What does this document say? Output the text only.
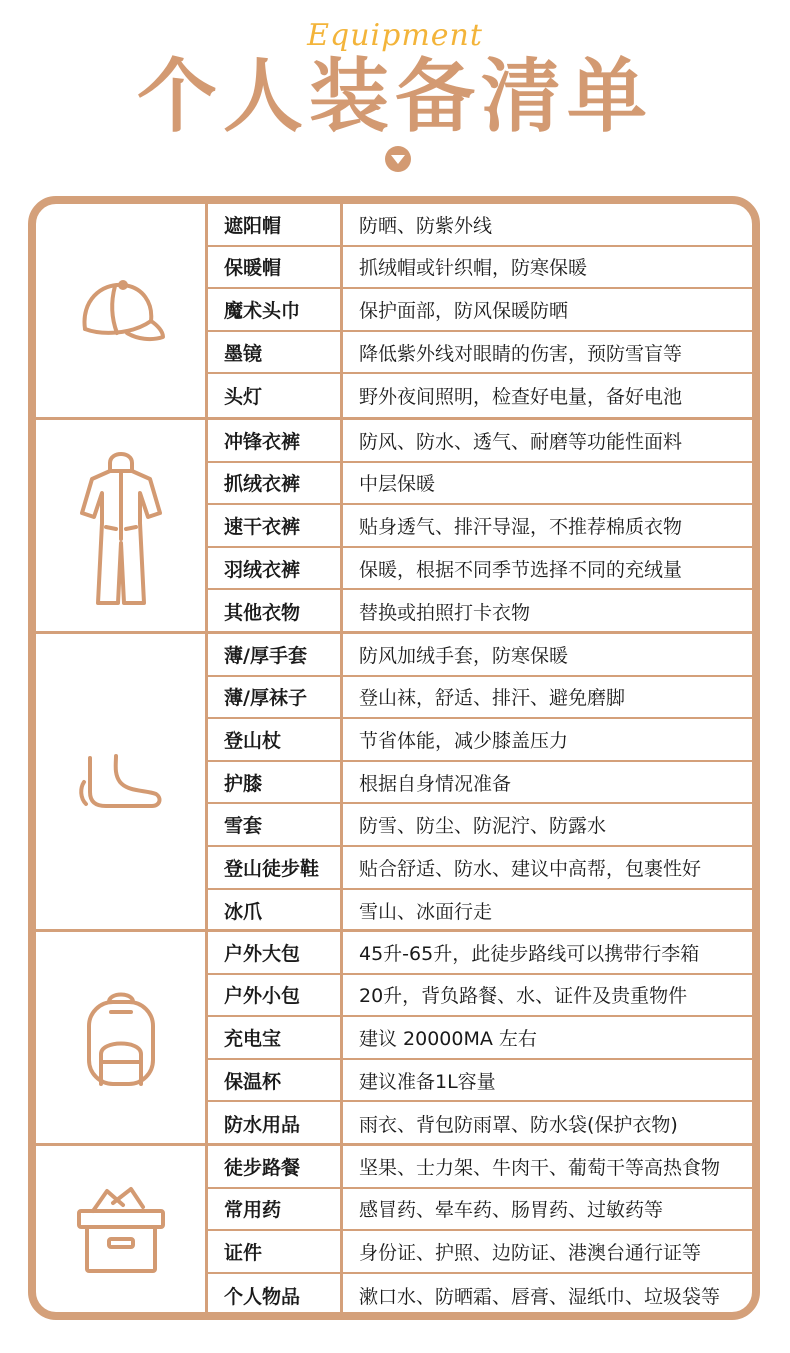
Equipment
个人装备清单
遮阳帽	防晒、防紫外线
保暖帽	抓绒帽或针织帽，防寒保暖
魔术头巾	保护面部，防风保暖防晒
墨镜	降低紫外线对眼睛的伤害，预防雪盲等
头灯	野外夜间照明，检查好电量，备好电池
冲锋衣裤	防风、防水、透气、耐磨等功能性面料
抓绒衣裤	中层保暖
速干衣裤	贴身透气、排汗导湿，不推荐棉质衣物
羽绒衣裤	保暖，根据不同季节选择不同的充绒量
其他衣物	替换或拍照打卡衣物
薄/厚手套	防风加绒手套，防寒保暖
薄/厚袜子	登山袜，舒适、排汗、避免磨脚
登山杖	节省体能，减少膝盖压力
护膝	根据自身情况准备
雪套	防雪、防尘、防泥泞、防露水
登山徒步鞋	贴合舒适、防水、建议中高帮，包裹性好
冰爪	雪山、冰面行走
户外大包	45升-65升，此徒步路线可以携带行李箱
户外小包	20升，背负路餐、水、证件及贵重物件
充电宝	建议 20000MA 左右
保温杯	建议准备1L容量
防水用品	雨衣、背包防雨罩、防水袋(保护衣物)
徒步路餐	坚果、士力架、牛肉干、葡萄干等高热食物
常用药	感冒药、晕车药、肠胃药、过敏药等
证件	身份证、护照、边防证、港澳台通行证等
个人物品	漱口水、防晒霜、唇膏、湿纸巾、垃圾袋等
